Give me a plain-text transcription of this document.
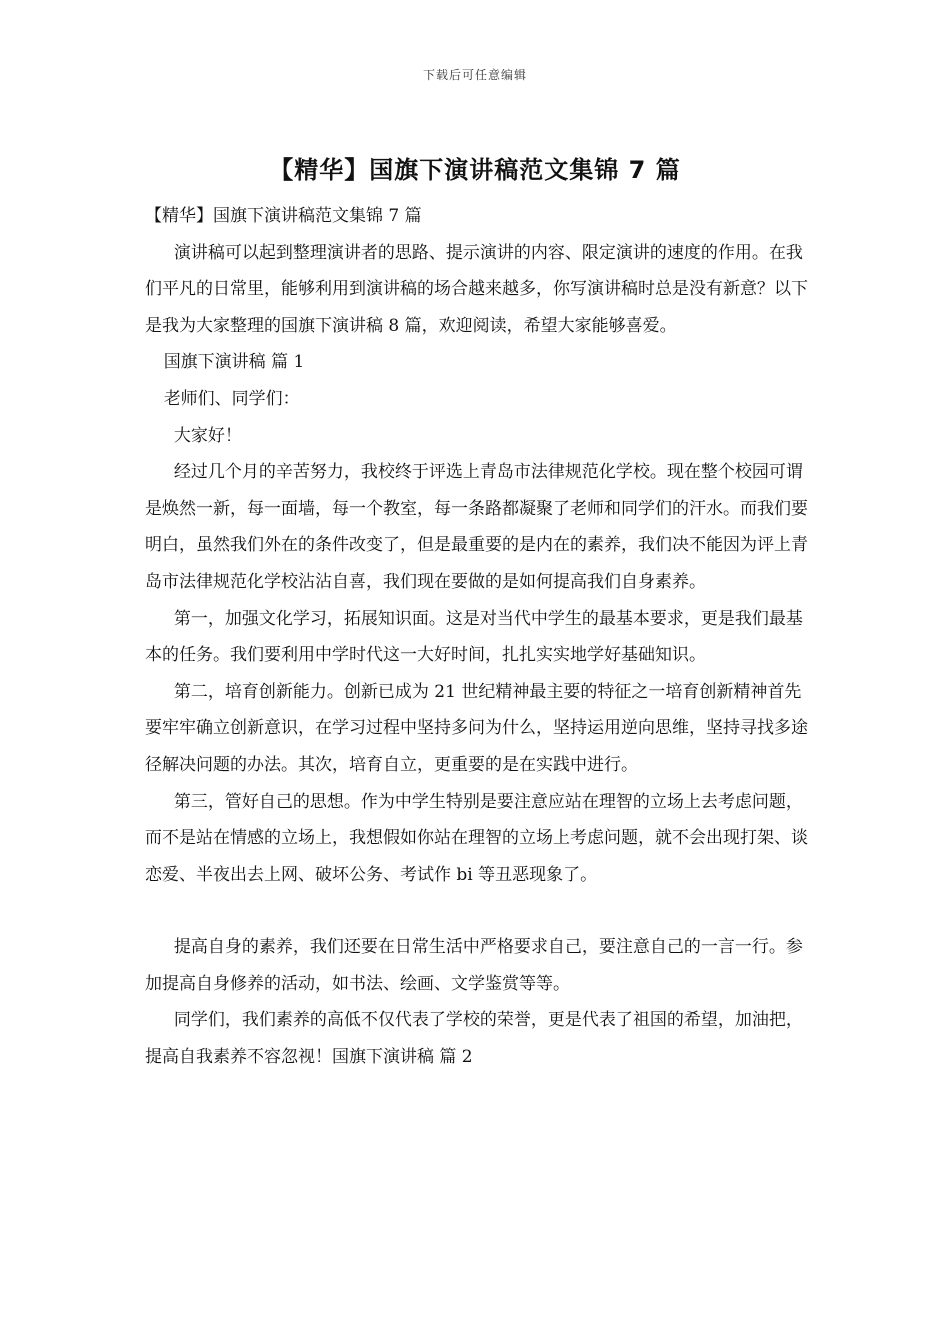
下载后可任意编辑
【精华】国旗下演讲稿范文集锦 7 篇

【精华】国旗下演讲稿范文集锦 7 篇

演讲稿可以起到整理演讲者的思路、提示演讲的内容、限定演讲的速度的作用。在我们平凡的日常里，能够利用到演讲稿的场合越来越多，你写演讲稿时总是没有新意？以下是我为大家整理的国旗下演讲稿 8 篇，欢迎阅读，希望大家能够喜爱。

国旗下演讲稿 篇 1

老师们、同学们：

大家好！

经过几个月的辛苦努力，我校终于评选上青岛市法律规范化学校。现在整个校园可谓是焕然一新，每一面墙，每一个教室，每一条路都凝聚了老师和同学们的汗水。而我们要明白，虽然我们外在的条件改变了，但是最重要的是内在的素养，我们决不能因为评上青岛市法律规范化学校沾沾自喜，我们现在要做的是如何提高我们自身素养。

第一，加强文化学习，拓展知识面。这是对当代中学生的最基本要求，更是我们最基本的任务。我们要利用中学时代这一大好时间，扎扎实实地学好基础知识。

第二，培育创新能力。创新已成为 21 世纪精神最主要的特征之一培育创新精神首先要牢牢确立创新意识，在学习过程中坚持多问为什么，坚持运用逆向思维，坚持寻找多途径解决问题的办法。其次，培育自立，更重要的是在实践中进行。

第三，管好自己的思想。作为中学生特别是要注意应站在理智的立场上去考虑问题，而不是站在情感的立场上，我想假如你站在理智的立场上考虑问题，就不会出现打架、谈恋爱、半夜出去上网、破坏公务、考试作 bi 等丑恶现象了。

提高自身的素养，我们还要在日常生活中严格要求自己，要注意自己的一言一行。参加提高自身修养的活动，如书法、绘画、文学鉴赏等等。

同学们，我们素养的高低不仅代表了学校的荣誉，更是代表了祖国的希望，加油把，提高自我素养不容忽视！国旗下演讲稿 篇 2
